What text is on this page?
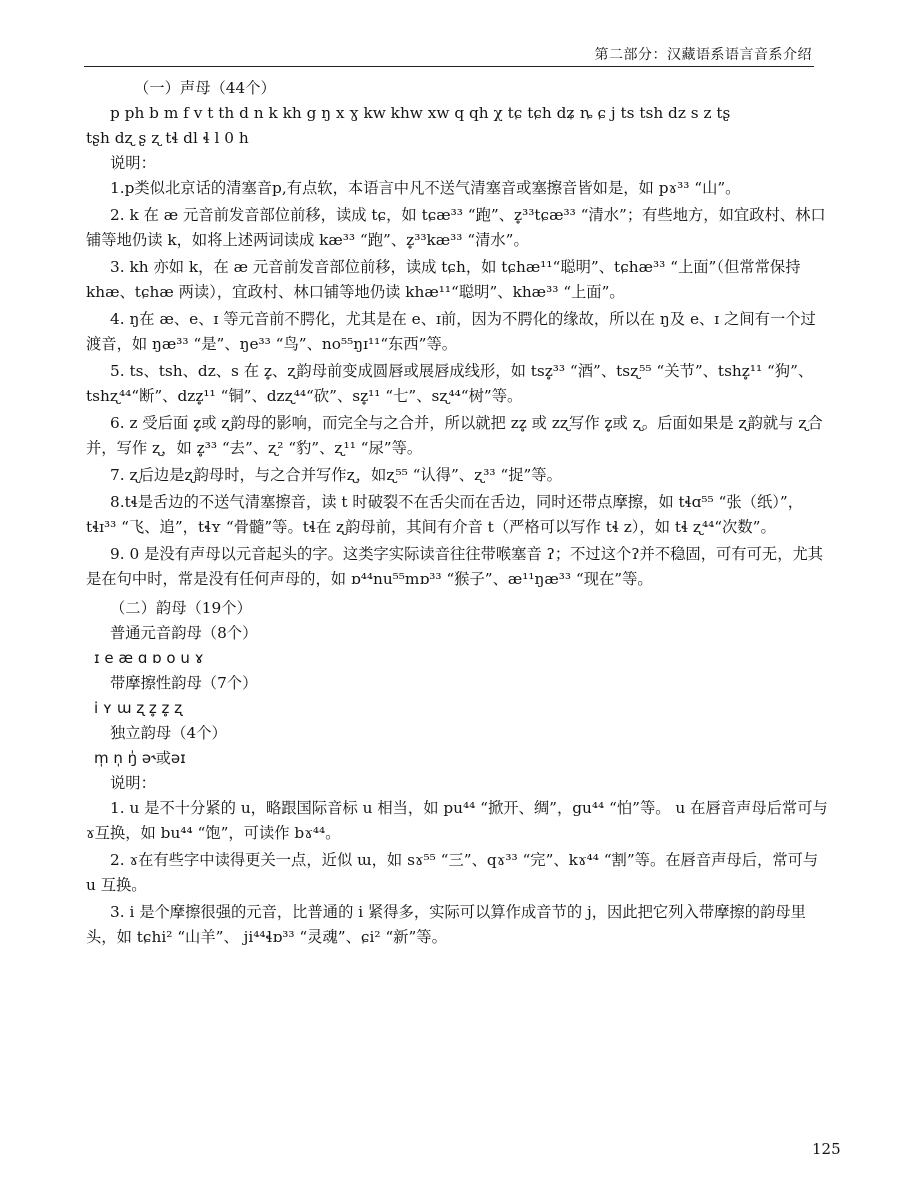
第二部分：汉藏语系语言音系介绍

（一）声母（44个）

p ph b m f v t th d n k kh g ŋ x ɣ kw khw xw q qh χ tɕ tɕh dʑ ȵ ɕ j ts tsh dz s z tʂ

tʂh dʐ ʂ ʐ tɬ dl ɬ l 0 h

说明：

1.p类似北京话的清塞音p,有点软，本语言中凡不送气清塞音或塞擦音皆如是，如 pɤ³³ “山”。

2. k 在 æ 元音前发音部位前移，读成 tɕ，如 tɕæ³³ “跑”、z̥³³tɕæ³³ “清水”；有些地方，如宜政村、林口铺等地仍读 k，如将上述两词读成 kæ³³ “跑”、z̥³³kæ³³ “清水”。

3. kh 亦如 k，在 æ 元音前发音部位前移，读成 tɕh，如 tɕhæ¹¹“聪明”、tɕhæ³³ “上面”（但常常保持 khæ、tɕhæ 两读），宜政村、林口铺等地仍读 khæ¹¹“聪明”、khæ³³ “上面”。

4. ŋ在 æ、e、ɪ 等元音前不腭化，尤其是在 e、ɪ前，因为不腭化的缘故，所以在 ŋ及 e、ɪ 之间有一个过渡音，如 ŋæ³³ “是”、ŋe³³ “鸟”、no⁵⁵ŋɪ¹¹“东西”等。

5. ts、tsh、dz、s 在 z̥、ʐ韵母前变成圆唇或展唇成线形，如 tsz̥³³ “酒”、tsʐ⁵⁵ “关节”、tshz̥¹¹ “狗”、 tshʐ⁴⁴“断”、dzz̥¹¹ “铜”、dzʐ⁴⁴“砍”、sz̥¹¹ “七”、sʐ⁴⁴“树”等。

6. z 受后面 z̥或 ʐ韵母的影响，而完全与之合并，所以就把 zz̥ 或 zʐ写作 z̥或 ʐ。后面如果是 ʐ韵就与 ʐ合并，写作 ʐ，如 z̥³³ “去”、ʐ² “豹”、ʐ¹¹ “尿”等。

7. ʐ后边是ʐ韵母时，与之合并写作ʐ，如ʐ⁵⁵ “认得”、ʐ³³ “捉”等。

8.tɬ是舌边的不送气清塞擦音，读 t 时破裂不在舌尖而在舌边，同时还带点摩擦，如 tɬɑ⁵⁵ “张（纸）”，tɬɪ³³ “飞、追”，tɬʏ “骨髓”等。tɬ在 ʐ韵母前，其间有介音 t（严格可以写作 tɬ z），如 tɬ ʐ⁴⁴“次数”。

9. 0 是没有声母以元音起头的字。这类字实际读音往往带喉塞音 ʔ；不过这个ʔ并不稳固，可有可无，尤其是在句中时，常是没有任何声母的，如 ɒ⁴⁴nu⁵⁵mɒ³³ “猴子”、æ¹¹ŋæ³³ “现在”等。

（二）韵母（19个）

普通元音韵母（8个）

ɪ e æ ɑ ɒ o u ɤ

带摩擦性韵母（7个）

i ʏ ɯ ʐ z̥ z̥ ʐ

独立韵母（4个）

m̩ n̩ ŋ̍ ə˞或əɪ

说明：

1. u 是不十分紧的 u，略跟国际音标 u 相当，如 pu⁴⁴ “掀开、绸”，gu⁴⁴ “怕”等。 u 在唇音声母后常可与 ɤ互换，如 bu⁴⁴ “饱”，可读作 bɤ⁴⁴。

2. ɤ在有些字中读得更关一点，近似 ɯ，如 sɤ⁵⁵ “三”、qɤ³³ “完”、kɤ⁴⁴ “割”等。在唇音声母后，常可与 u 互换。

3. i 是个摩擦很强的元音，比普通的 i 紧得多，实际可以算作成音节的 j，因此把它列入带摩擦的韵母里头，如 tɕhi² “山羊”、 ji⁴⁴ɬɒ³³ “灵魂”、ɕi² “新”等。

125
